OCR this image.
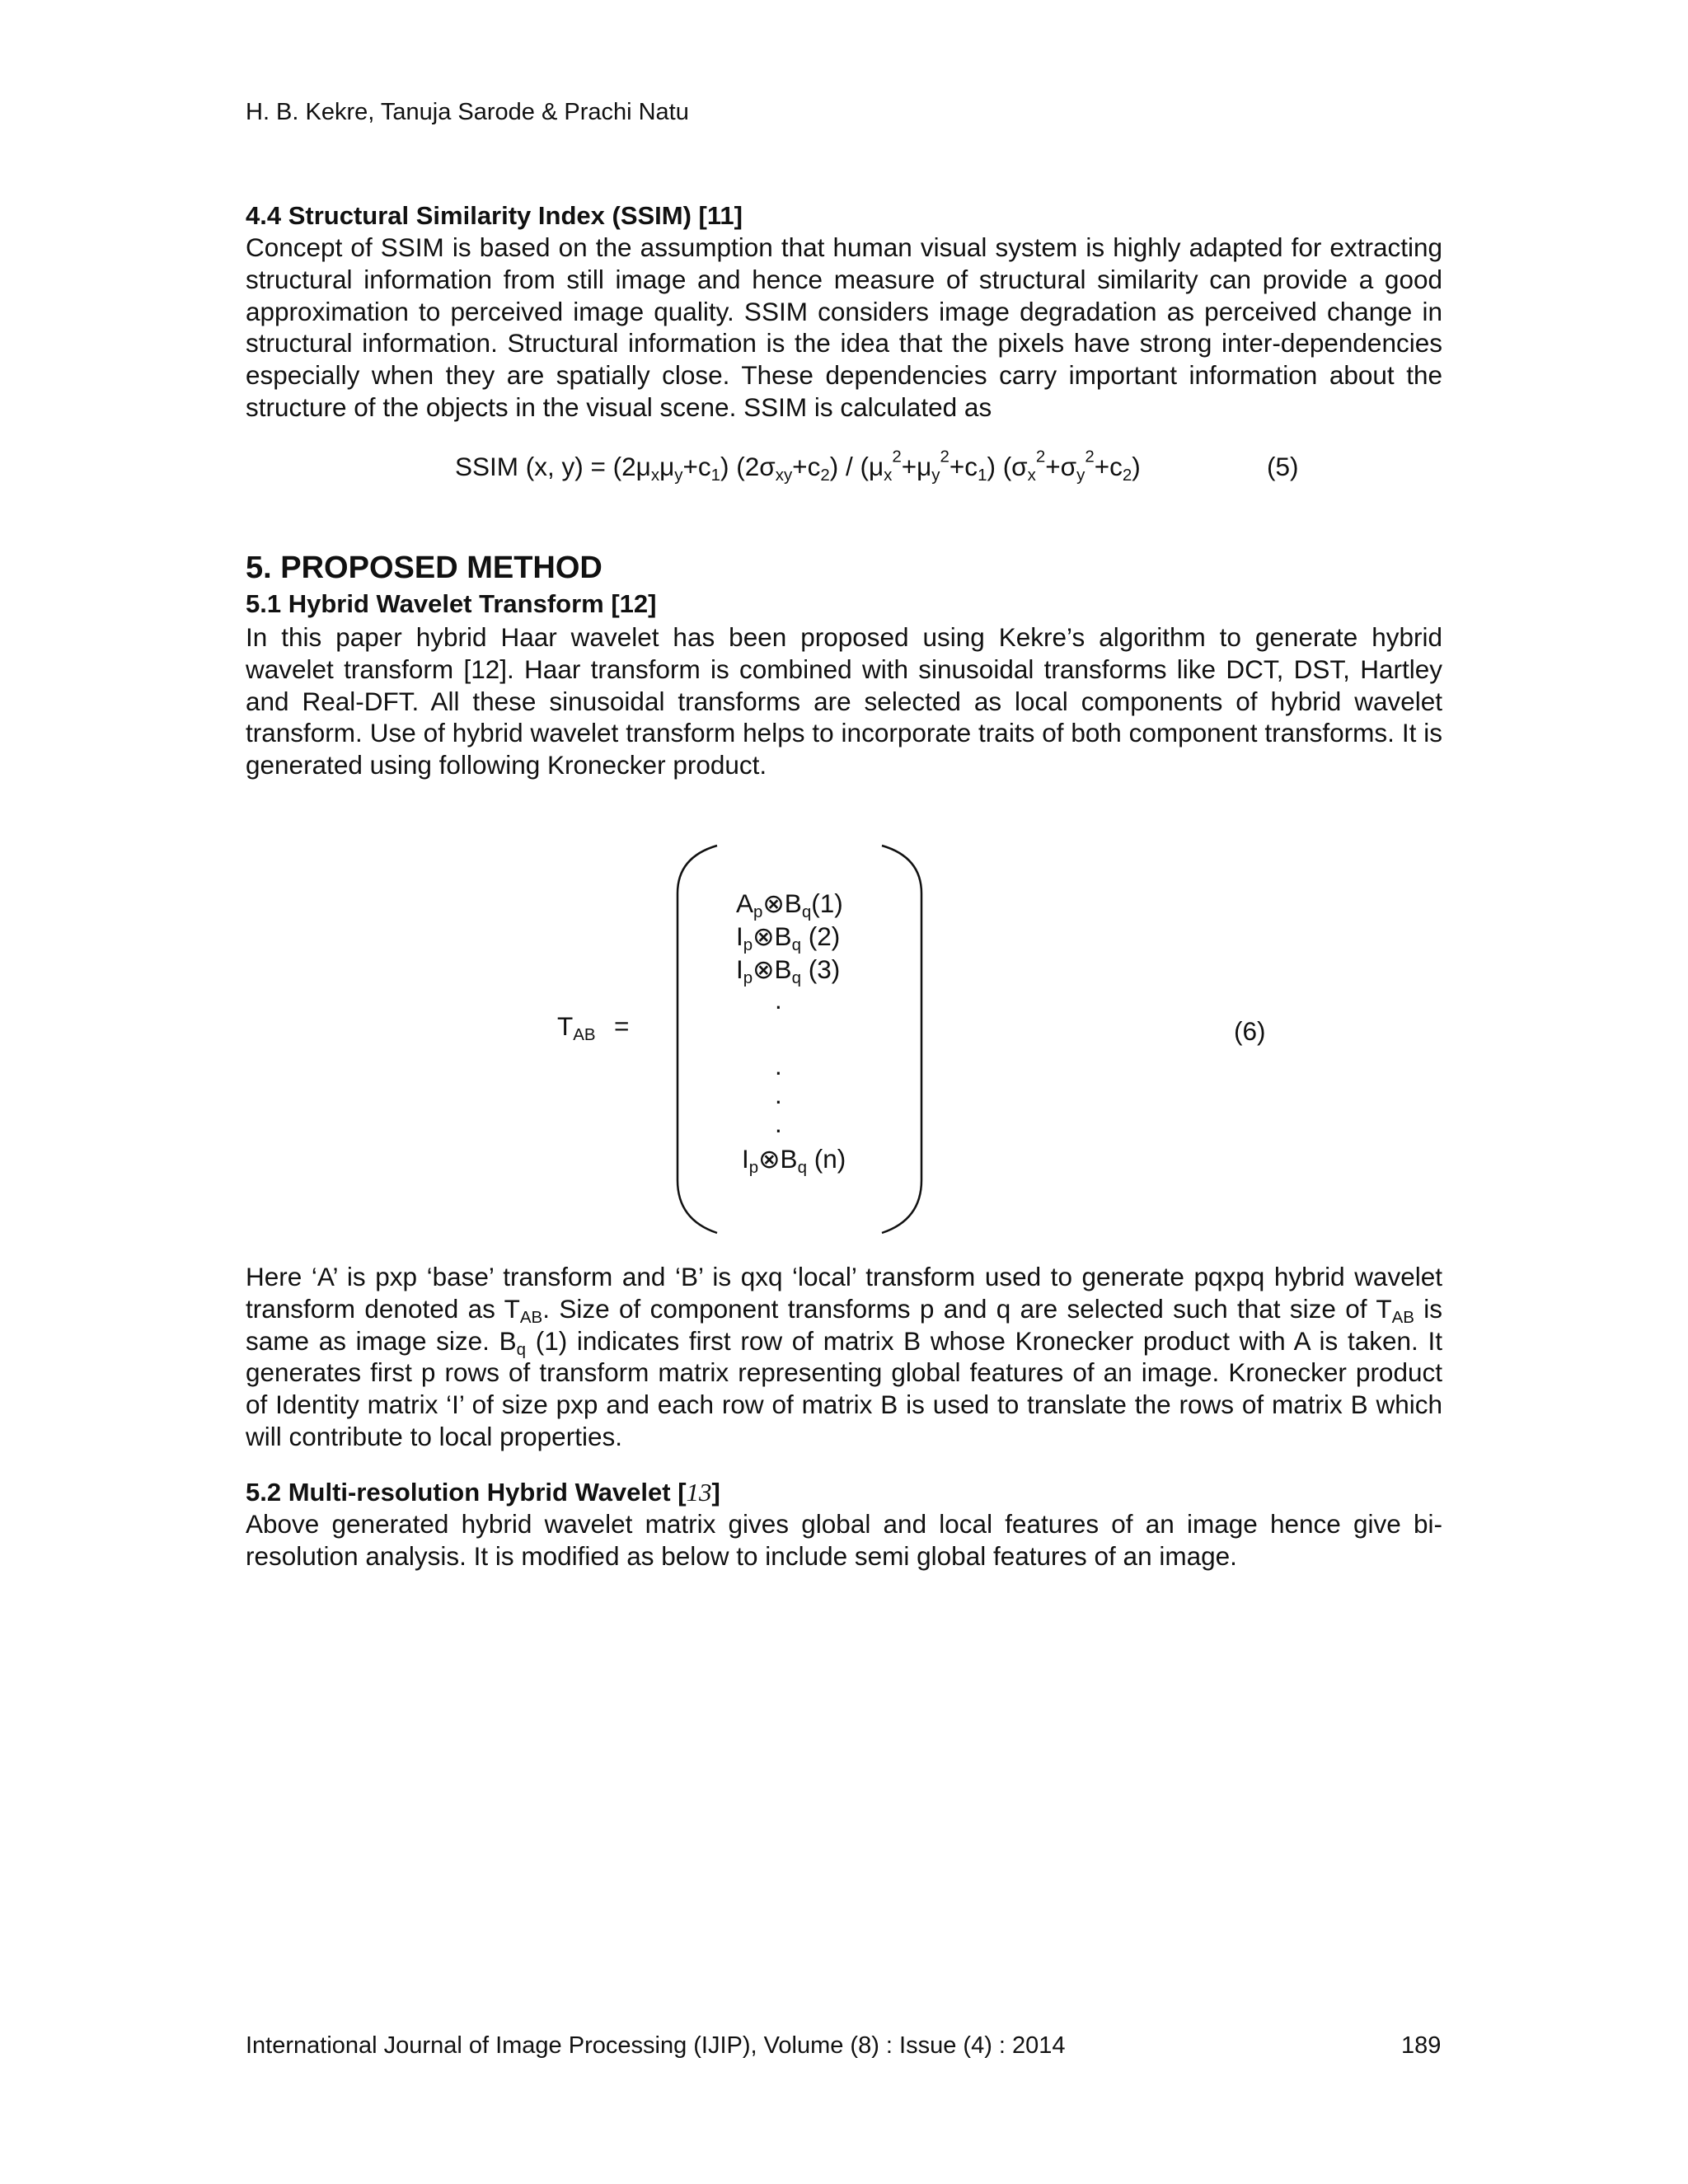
H. B. Kekre, Tanuja Sarode & Prachi Natu
4.4 Structural Similarity Index (SSIM) [11]
Concept of SSIM is based on the assumption that human visual system is highly adapted for extracting structural information from still image and hence measure of structural similarity can provide a good approximation to perceived image quality. SSIM considers image degradation as perceived change in structural information. Structural information is the idea that the pixels have strong inter-dependencies especially when they are spatially close. These dependencies carry important information about the structure of the objects in the visual scene. SSIM is calculated as
SSIM (x, $y) = (2\mu_x\mu_y+c_1)$ $(2\sigma_{xy}+c_2) / (\mu_x^2+\mu_y^2+c_1)$ $(\sigma_x^2+\sigma_y^2+c_2)$	(5)
5. PROPOSED METHOD
5.1 Hybrid Wavelet Transform [12]
In this paper hybrid Haar wavelet has been proposed using Kekre’s algorithm to generate hybrid wavelet transform [12]. Haar transform is combined with sinusoidal transforms like DCT, DST, Hartley and Real-DFT. All these sinusoidal transforms are selected as local components of hybrid wavelet transform. Use of hybrid wavelet transform helps to incorporate traits of both component transforms. It is generated using following Kronecker product.
$T_{AB}$ =
$A_p\otimes B_q(1)$
$I_p\otimes B_q$ (2)
$I_p\otimes B_q$ (3)
.
.
.
.
$I_p\otimes B_q$ (n)
(6)
Here ‘A’ is pxp ‘base’ transform and ‘B’ is qxq ‘local’ transform used to generate pqxpq hybrid wavelet transform denoted as $T_{AB}$. Size of component transforms p and q are selected such that size of $T_{AB}$ is same as image size. $B_q$ (1) indicates first row of matrix B whose Kronecker product with A is taken. It generates first p rows of transform matrix representing global features of an image. Kronecker product of Identity matrix ‘I’ of size pxp and each row of matrix B is used to translate the rows of matrix B which will contribute to local properties.
5.2 Multi-resolution Hybrid Wavelet [13]
Above generated hybrid wavelet matrix gives global and local features of an image hence give bi-resolution analysis. It is modified as below to include semi global features of an image.
International Journal of Image Processing (IJIP), Volume (8) : Issue (4) : 2014	189
